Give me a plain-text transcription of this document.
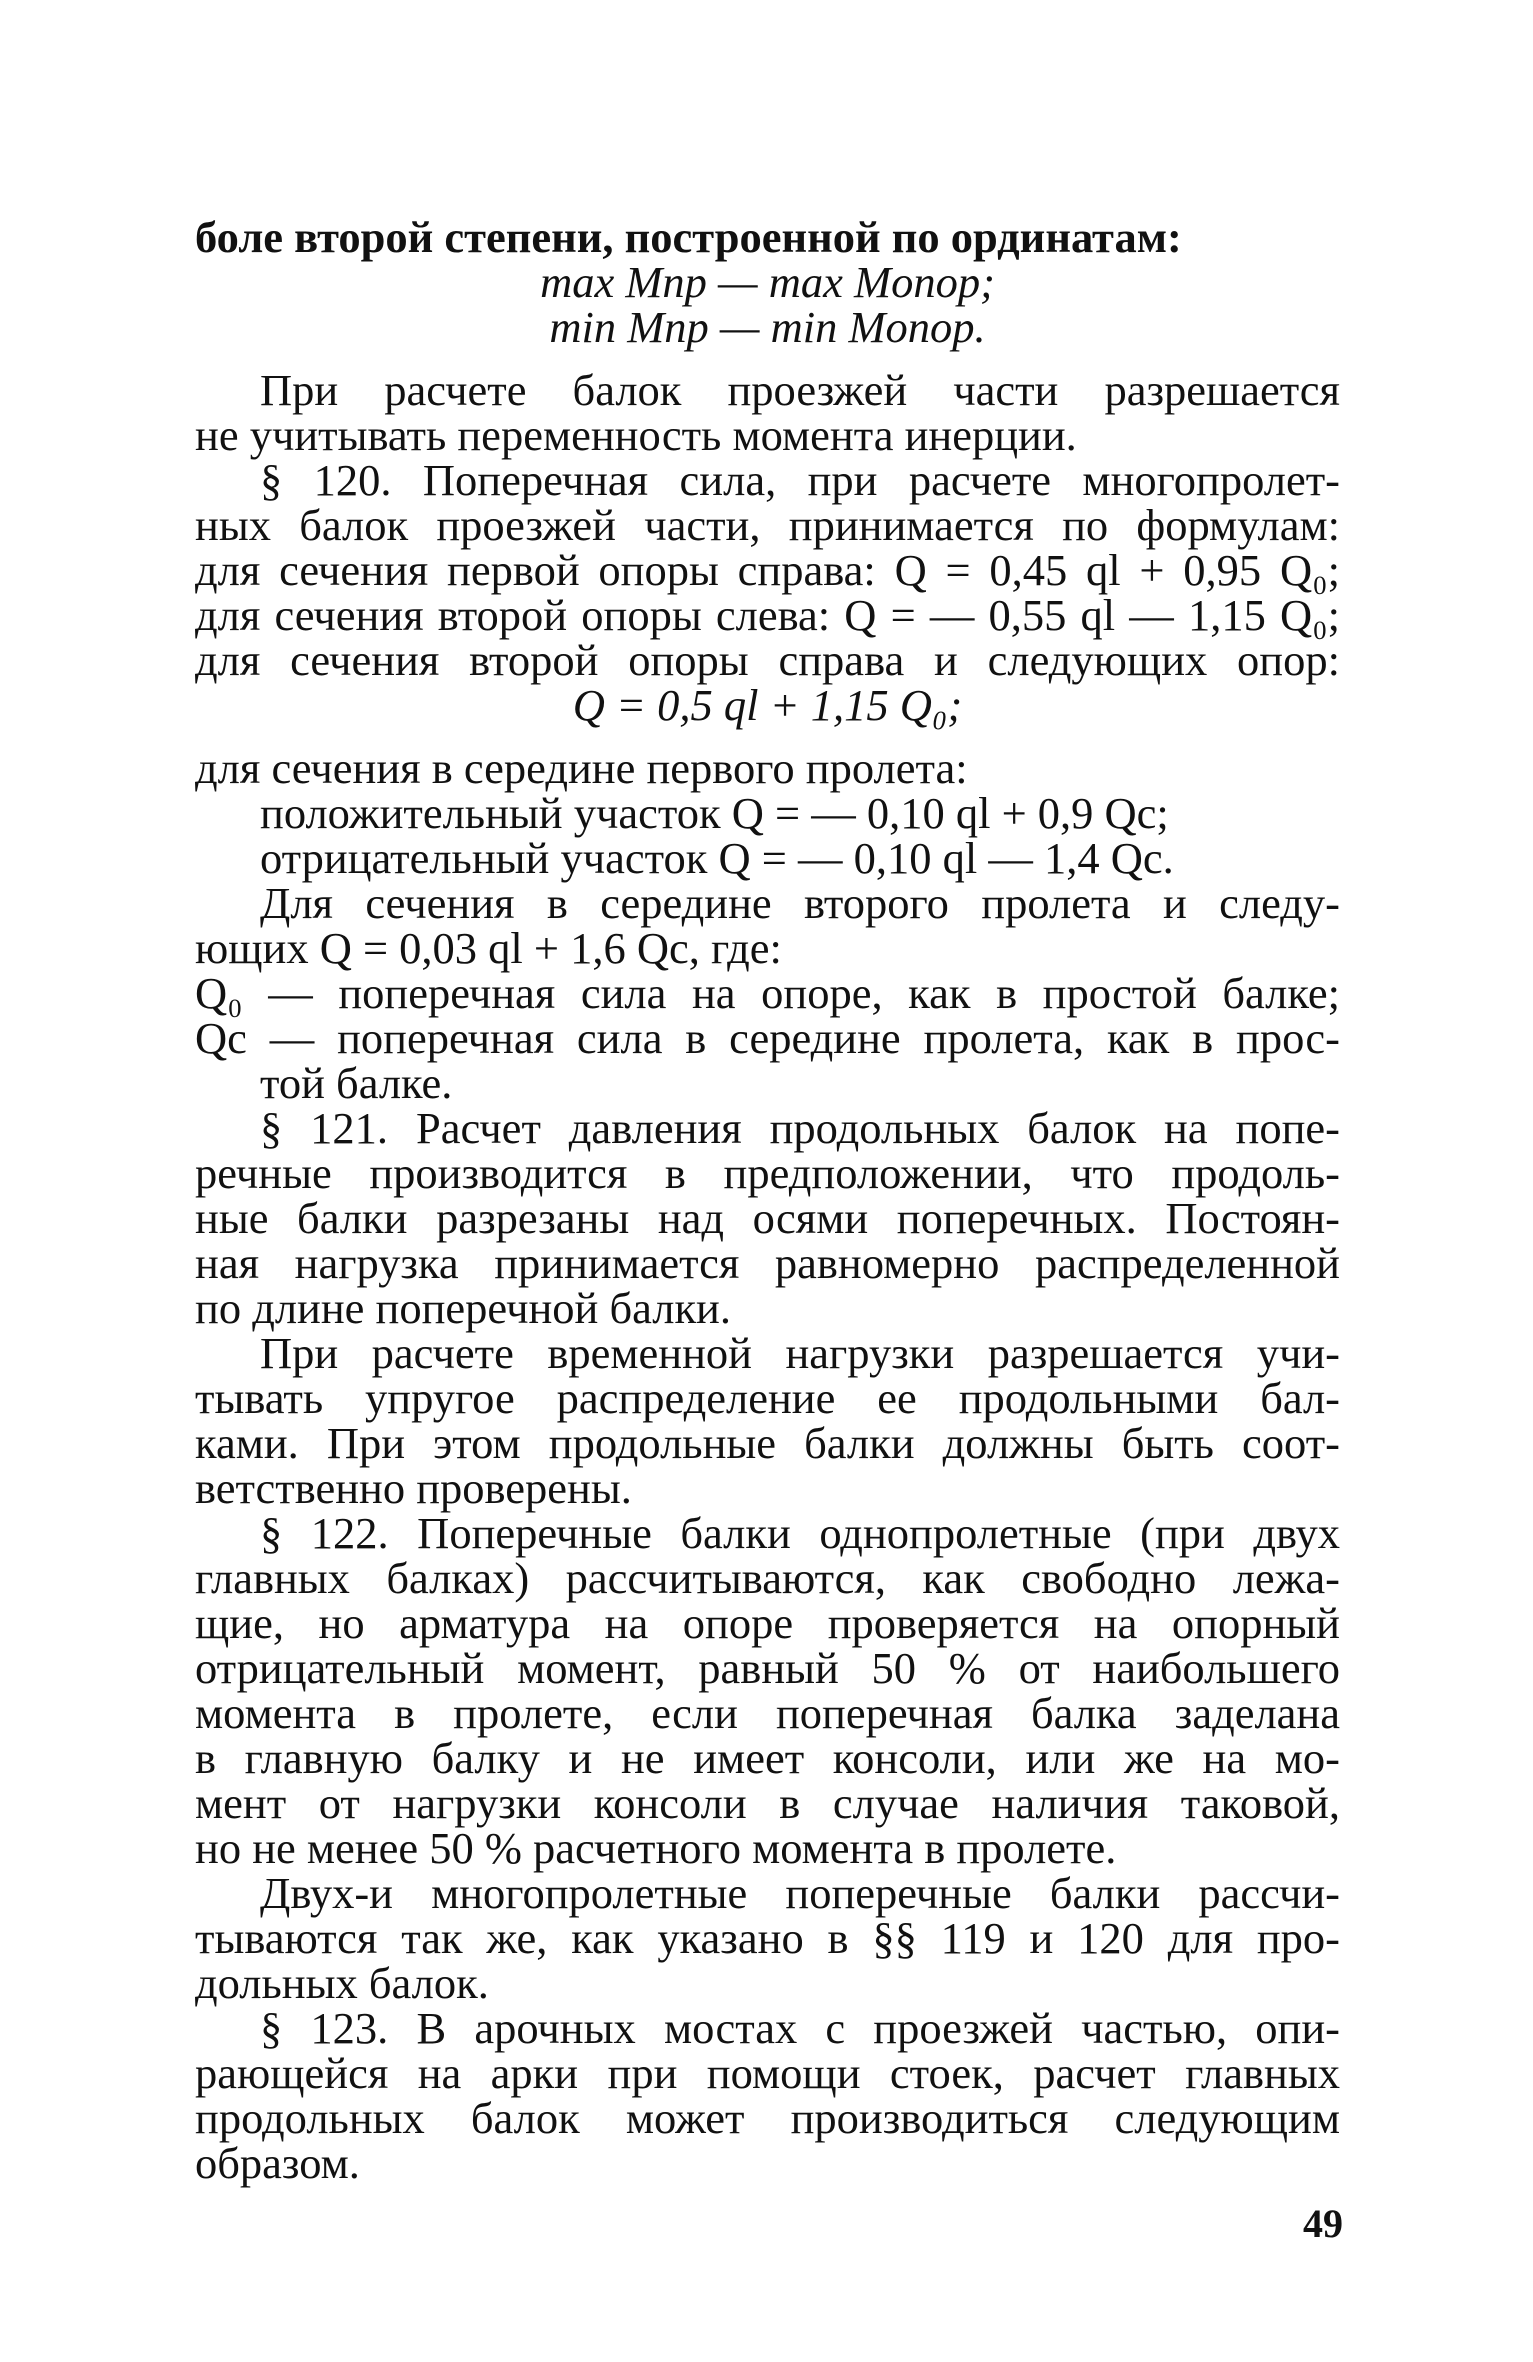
боле второй степени, построенной по ординатам:
max Mпр — max Mопор;
min Mпр — min Mопор.
При расчете балок проезжей части разрешается
не учитывать переменность момента инерции.
§ 120. Поперечная сила, при расчете многопролет-
ных балок проезжей части, принимается по формулам:
для сечения первой опоры справа: Q = 0,45 ql + 0,95 Q₀;
для сечения второй опоры слева: Q = — 0,55 ql — 1,15 Q₀;
для сечения второй опоры справа и следующих опор:
Q = 0,5 ql + 1,15 Q₀;
для сечения в середине первого пролета:
положительный участок Q = — 0,10 ql + 0,9 Qc;
отрицательный участок Q = — 0,10 ql — 1,4 Qc.
Для сечения в середине второго пролета и следу-
ющих Q = 0,03 ql + 1,6 Qc, где:
Q₀ — поперечная сила на опоре, как в простой балке;
Qc — поперечная сила в середине пролета, как в прос-
той балке.
§ 121. Расчет давления продольных балок на попе-
речные производится в предположении, что продоль-
ные балки разрезаны над осями поперечных. Постоян-
ная нагрузка принимается равномерно распределенной
по длине поперечной балки.
При расчете временной нагрузки разрешается учи-
тывать упругое распределение ее продольными бал-
ками. При этом продольные балки должны быть соот-
ветственно проверены.
§ 122. Поперечные балки однопролетные (при двух
главных балках) рассчитываются, как свободно лежа-
щие, но арматура на опоре проверяется на опорный
отрицательный момент, равный 50 % от наибольшего
момента в пролете, если поперечная балка заделана
в главную балку и не имеет консоли, или же на мо-
мент от нагрузки консоли в случае наличия таковой,
но не менее 50 % расчетного момента в пролете.
Двух-и многопролетные поперечные балки рассчи-
тываются так же, как указано в §§ 119 и 120 для про-
дольных балок.
§ 123. В арочных мостах с проезжей частью, опи-
рающейся на арки при помощи стоек, расчет главных
продольных балок может производиться следующим
образом.
49
